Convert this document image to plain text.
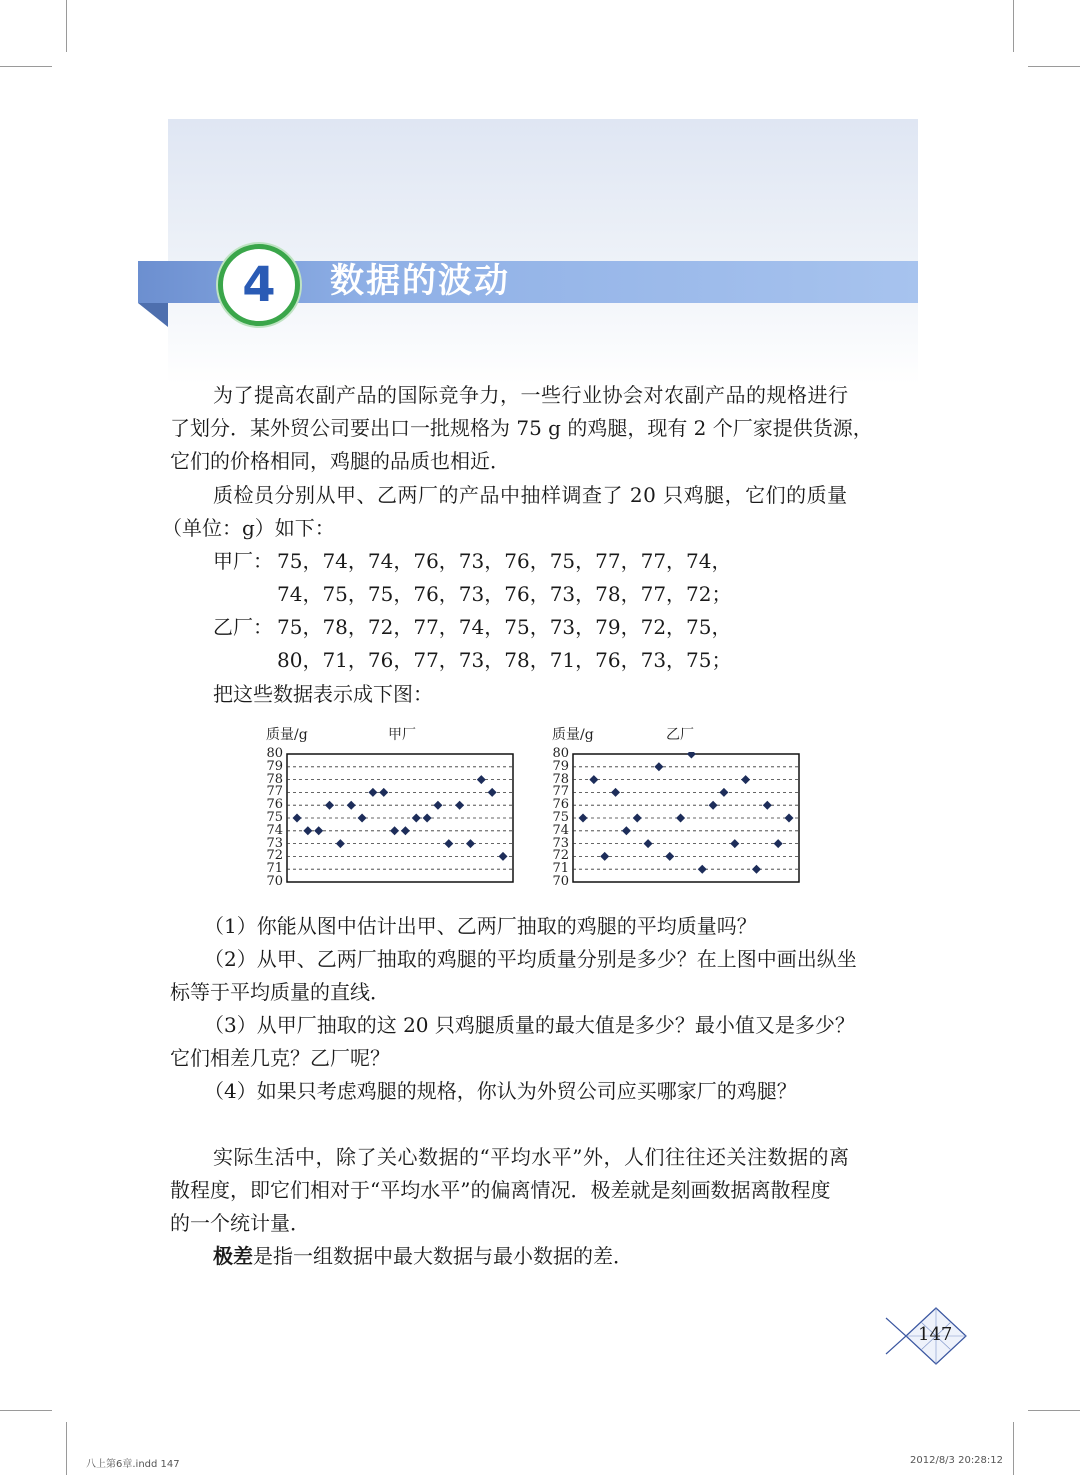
4	数据的波动
为了提高农副产品的国际竞争力，一些行业协会对农副产品的规格进行
了划分．某外贸公司要出口一批规格为 75 g 的鸡腿，现有 2 个厂家提供货源，
它们的价格相同，鸡腿的品质也相近．
质检员分别从甲、乙两厂的产品中抽样调查了 20 只鸡腿，它们的质量
（单位：g）如下：
甲厂： 75，74，74，76，73，76，75，77，77，74，
74，75，75，76，73，76，73，78，77，72；
乙厂： 75，78，72，77，74，75，73，79，72，75，
80，71，76，77，73，78，71，76，73，75；
把这些数据表示成下图：
质量/g	甲厂	质量/g	乙厂
80
79
78
77
76
75
74
73
72
71
70
80
79
78
77
76
75
74
73
72
71
70
（1）你能从图中估计出甲、乙两厂抽取的鸡腿的平均质量吗？
（2）从甲、乙两厂抽取的鸡腿的平均质量分别是多少？在上图中画出纵坐
标等于平均质量的直线．
（3）从甲厂抽取的这 20 只鸡腿质量的最大值是多少？最小值又是多少？
它们相差几克？乙厂呢？
（4）如果只考虑鸡腿的规格，你认为外贸公司应买哪家厂的鸡腿？
实际生活中，除了关心数据的“平均水平”外，人们往往还关注数据的离
散程度，即它们相对于“平均水平”的偏离情况．极差就是刻画数据离散程度
的一个统计量．
极差是指一组数据中最大数据与最小数据的差．
147
八上第6章.indd 147	2012/8/3 20:28:12
